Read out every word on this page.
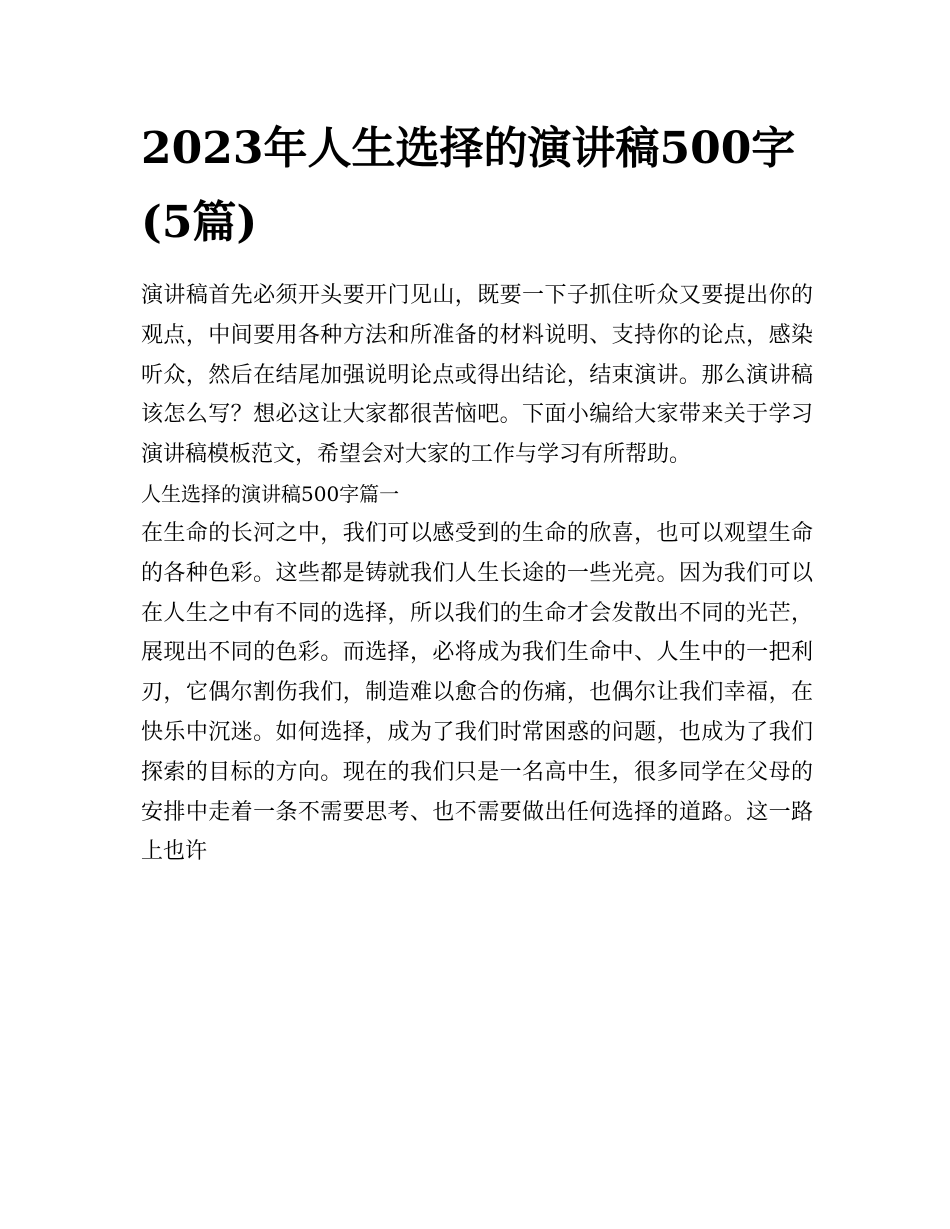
2023年人生选择的演讲稿500字(5篇)

演讲稿首先必须开头要开门见山，既要一下子抓住听众又要提出你的观点，中间要用各种方法和所准备的材料说明、支持你的论点，感染听众，然后在结尾加强说明论点或得出结论，结束演讲。那么演讲稿该怎么写？想必这让大家都很苦恼吧。下面小编给大家带来关于学习演讲稿模板范文，希望会对大家的工作与学习有所帮助。

人生选择的演讲稿500字篇一

在生命的长河之中，我们可以感受到的生命的欣喜，也可以观望生命的各种色彩。这些都是铸就我们人生长途的一些光亮。因为我们可以在人生之中有不同的选择，所以我们的生命才会发散出不同的光芒，展现出不同的色彩。而选择，必将成为我们生命中、人生中的一把利刃，它偶尔割伤我们，制造难以愈合的伤痛，也偶尔让我们幸福，在快乐中沉迷。如何选择，成为了我们时常困惑的问题，也成为了我们探索的目标的方向。现在的我们只是一名高中生，很多同学在父母的安排中走着一条不需要思考、也不需要做出任何选择的道路。这一路上也许
